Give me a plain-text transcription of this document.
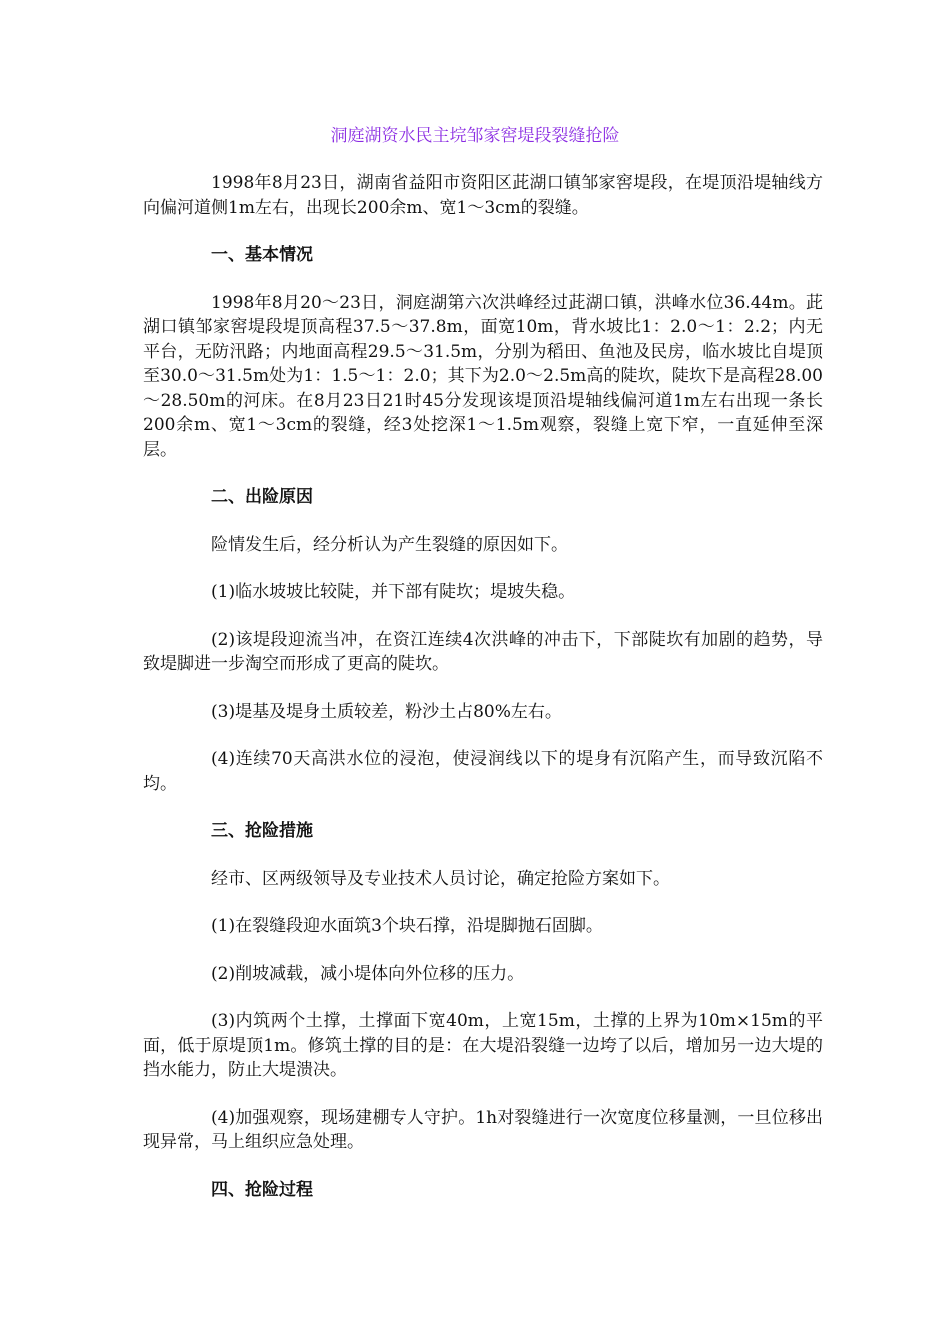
洞庭湖资水民主垸邹家窖堤段裂缝抢险

1998年8月23日，湖南省益阳市资阳区茈湖口镇邹家窖堤段，在堤顶沿堤轴线方向偏河道侧1m左右，出现长200余m、宽1～3cm的裂缝。

一、基本情况

1998年8月20～23日，洞庭湖第六次洪峰经过茈湖口镇，洪峰水位36.44m。茈湖口镇邹家窖堤段堤顶高程37.5～37.8m，面宽10m，背水坡比1：2.0～1：2.2；内无平台，无防汛路；内地面高程29.5～31.5m，分别为稻田、鱼池及民房，临水坡比自堤顶至30.0～31.5m处为1：1.5～1：2.0；其下为2.0～2.5m高的陡坎，陡坎下是高程28.00～28.50m的河床。在8月23日21时45分发现该堤顶沿堤轴线偏河道1m左右出现一条长200余m、宽1～3cm的裂缝，经3处挖深1～1.5m观察，裂缝上宽下窄，一直延伸至深层。

二、出险原因

险情发生后，经分析认为产生裂缝的原因如下。

(1)临水坡坡比较陡，并下部有陡坎；堤坡失稳。

(2)该堤段迎流当冲，在资江连续4次洪峰的冲击下，下部陡坎有加剧的趋势，导致堤脚进一步淘空而形成了更高的陡坎。

(3)堤基及堤身土质较差，粉沙土占80%左右。

(4)连续70天高洪水位的浸泡，使浸润线以下的堤身有沉陷产生，而导致沉陷不均。

三、抢险措施

经市、区两级领导及专业技术人员讨论，确定抢险方案如下。

(1)在裂缝段迎水面筑3个块石撑，沿堤脚抛石固脚。

(2)削坡减载，减小堤体向外位移的压力。

(3)内筑两个土撑，土撑面下宽40m，上宽15m，土撑的上界为10m×15m的平面，低于原堤顶1m。修筑土撑的目的是：在大堤沿裂缝一边垮了以后，增加另一边大堤的挡水能力，防止大堤溃决。

(4)加强观察，现场建棚专人守护。1h对裂缝进行一次宽度位移量测，一旦位移出现异常，马上组织应急处理。

四、抢险过程
